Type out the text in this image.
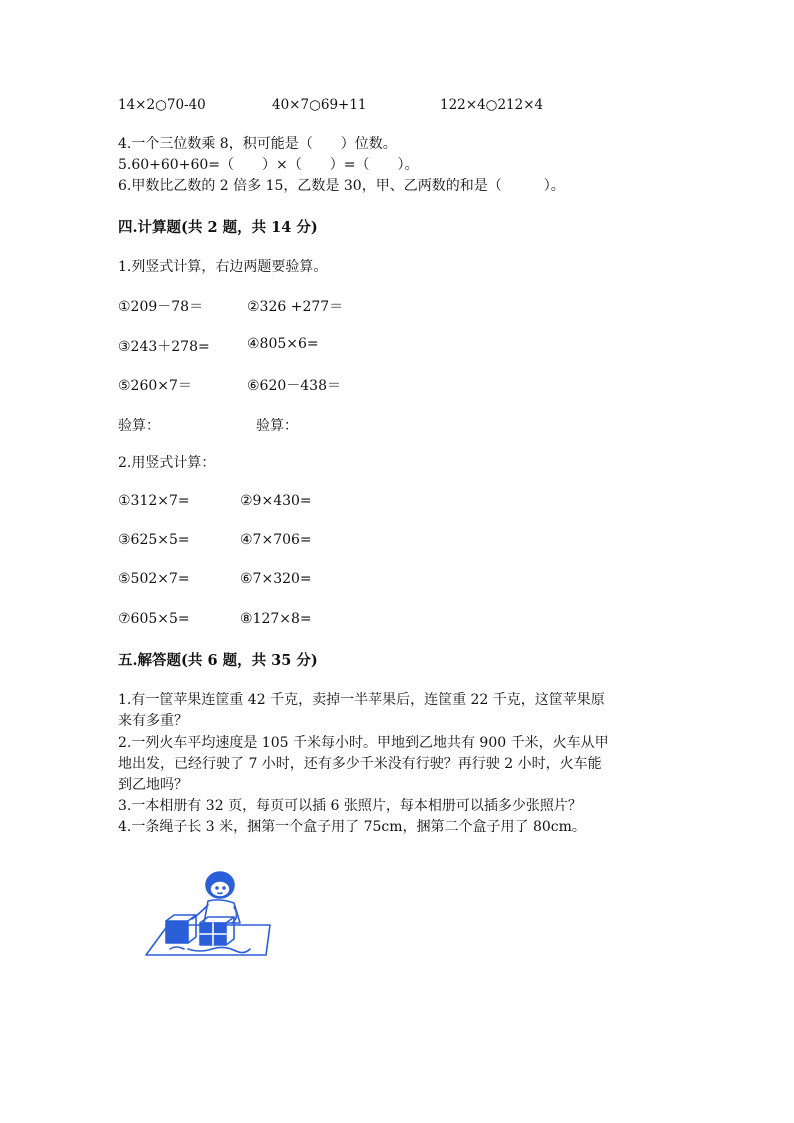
14×2○70-40	40×7○69+11	122×4○212×4
4.一个三位数乘 8，积可能是（　　）位数。
5.60+60+60=（　　）×（　　）=（　　）。
6.甲数比乙数的 2 倍多 15，乙数是 30，甲、乙两数的和是（　　　）。
四.计算题(共 2 题，共 14 分)
1.列竖式计算，右边两题要验算。
①209－78＝	②326 +277＝
③243＋278=	④805×6=
⑤260×7＝	⑥620－438＝
验算：	验算：
2.用竖式计算：
①312×7=	②9×430=
③625×5=	④7×706=
⑤502×7=	⑥7×320=
⑦605×5=	⑧127×8=
五.解答题(共 6 题，共 35 分)
1.有一筐苹果连筐重 42 千克，卖掉一半苹果后，连筐重 22 千克，这筐苹果原
来有多重？
2.一列火车平均速度是 105 千米每小时。甲地到乙地共有 900 千米，火车从甲
地出发，已经行驶了 7 小时，还有多少千米没有行驶？再行驶 2 小时，火车能
到乙地吗？
3.一本相册有 32 页，每页可以插 6 张照片，每本相册可以插多少张照片？
4.一条绳子长 3 米，捆第一个盒子用了 75cm，捆第二个盒子用了 80cm。
